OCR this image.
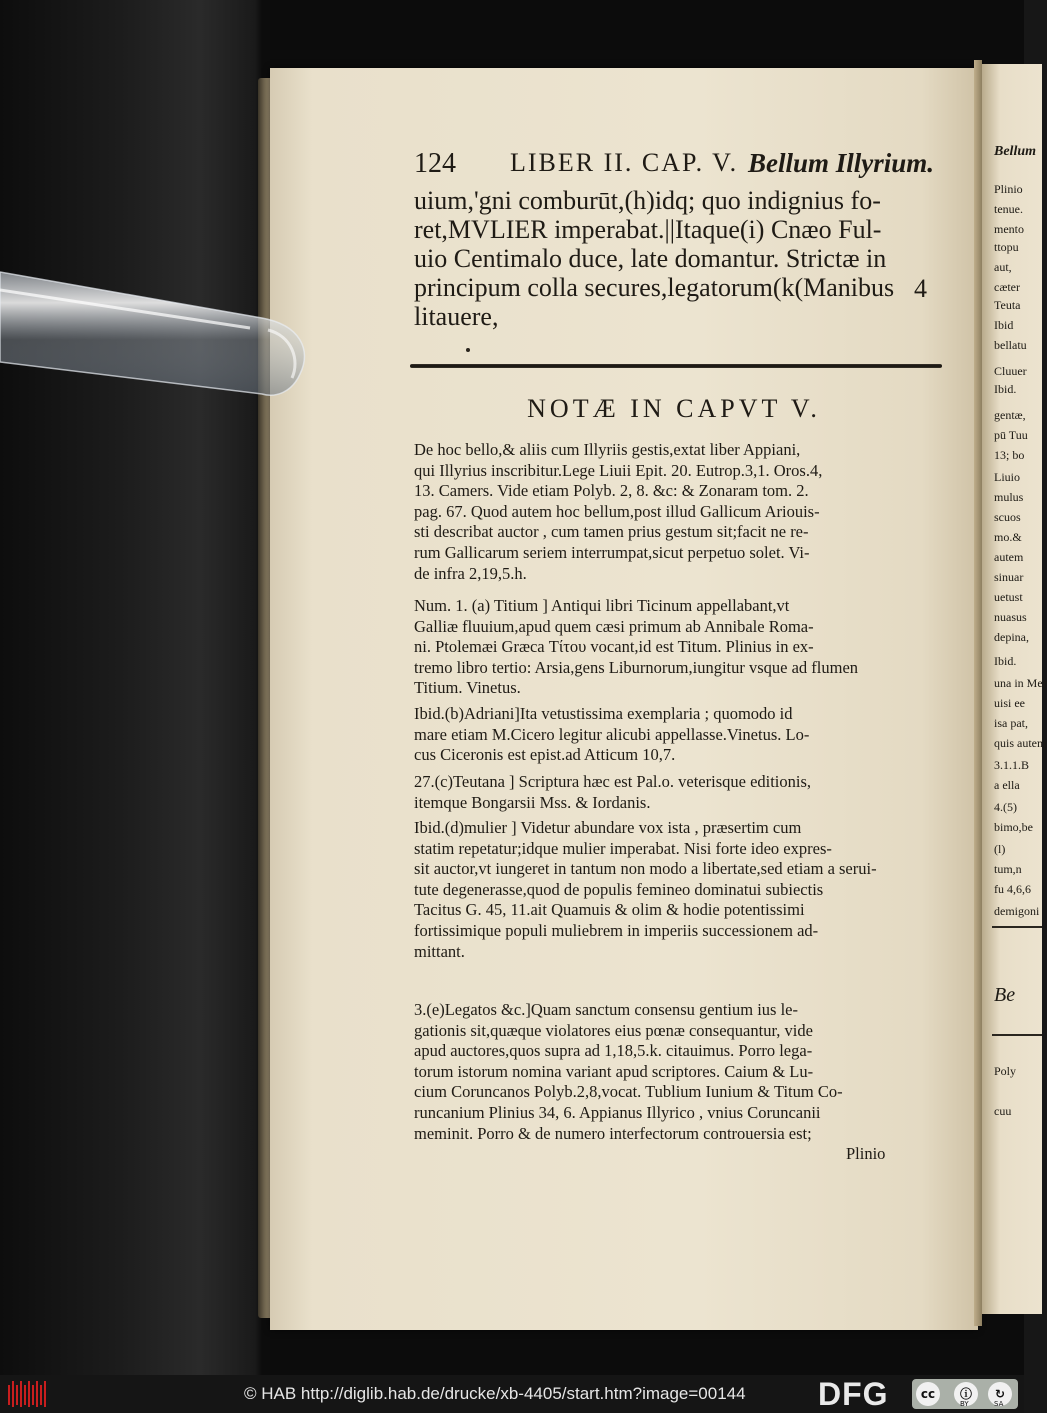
Bellum
Plinio
tenue.
mento
ttopu
aut,
cæter
Teuta
Ibid
bellatu
Cluuer
Ibid.
gentæ,
pū Tuu
13; bo
Liuio
mulus
scuos
mo.&
autem
sinuar
uetust
nuasus
depina,
Ibid.
una in Mer
uisi ee
isa pat,
quis autem
3.1.1.B
a ella
4.(5)
bimo,be
(l)
tum,n
fu 4,6,6
demigoni
Be
Poly
cuu
124 LIBER II. CAP. V. Bellum Illyrium.
uium,'gni comburūt,(h)idq; quo indignius fo-
ret,MVLIER imperabat.||Itaque(i) Cnæo Ful-
uio Centimalo duce, late domantur. Strictæ in
principum colla secures,legatorum(k(Manibus
litauere,
4
NOTÆ IN CAPVT V.
De hoc bello,& aliis cum Illyriis gestis,extat liber Appiani,
qui Illyrius inscribitur.Lege Liuii Epit. 20. Eutrop.3,1. Oros.4,
13. Camers. Vide etiam Polyb. 2, 8. &c: & Zonaram tom. 2.
pag. 67. Quod autem hoc bellum,post illud Gallicum Ariouis-
sti describat auctor , cum tamen prius gestum sit;facit ne re-
rum Gallicarum seriem interrumpat,sicut perpetuo solet. Vi-
de infra 2,19,5.h.
Num. 1. (a) Titium ] Antiqui libri Ticinum appellabant,vt
Galliæ fluuium,apud quem cæsi primum ab Annibale Roma-
ni. Ptolemæi Græca Τίτου vocant,id est Titum. Plinius in ex-
tremo libro tertio: Arsia,gens Liburnorum,iungitur vsque ad flumen
Titium. Vinetus.
Ibid.(b)Adriani]Ita vetustissima exemplaria ; quomodo id
mare etiam M.Cicero legitur alicubi appellasse.Vinetus. Lo-
cus Ciceronis est epist.ad Atticum 10,7.
27.(c)Teutana ] Scriptura hæc est Pal.o. veterisque editionis,
itemque Bongarsii Mss. & Iordanis.
Ibid.(d)mulier ] Videtur abundare vox ista , præsertim cum
statim repetatur;idque mulier imperabat. Nisi forte ideo expres-
sit auctor,vt iungeret in tantum non modo a libertate,sed etiam a serui-
tute degenerasse,quod de populis femineo dominatui subiectis
Tacitus G. 45, 11.ait Quamuis & olim & hodie potentissimi
fortissimique populi muliebrem in imperiis successionem ad-
mittant.
3.(e)Legatos &c.]Quam sanctum consensu gentium ius le-
gationis sit,quæque violatores eius pœnæ consequantur, vide
apud auctores,quos supra ad 1,18,5.k. citauimus. Porro lega-
torum istorum nomina variant apud scriptores. Caium & Lu-
cium Coruncanos Polyb.2,8,vocat. Tublium Iunium & Titum Co-
runcanium Plinius 34, 6. Appianus Illyrico , vnius Coruncanii
meminit. Porro & de numero interfectorum controuersia est;
Plinio
© HAB http://diglib.hab.de/drucke/xb-4405/start.htm?image=00144 DFG	cc	ⓘ	↻
BY	SA
